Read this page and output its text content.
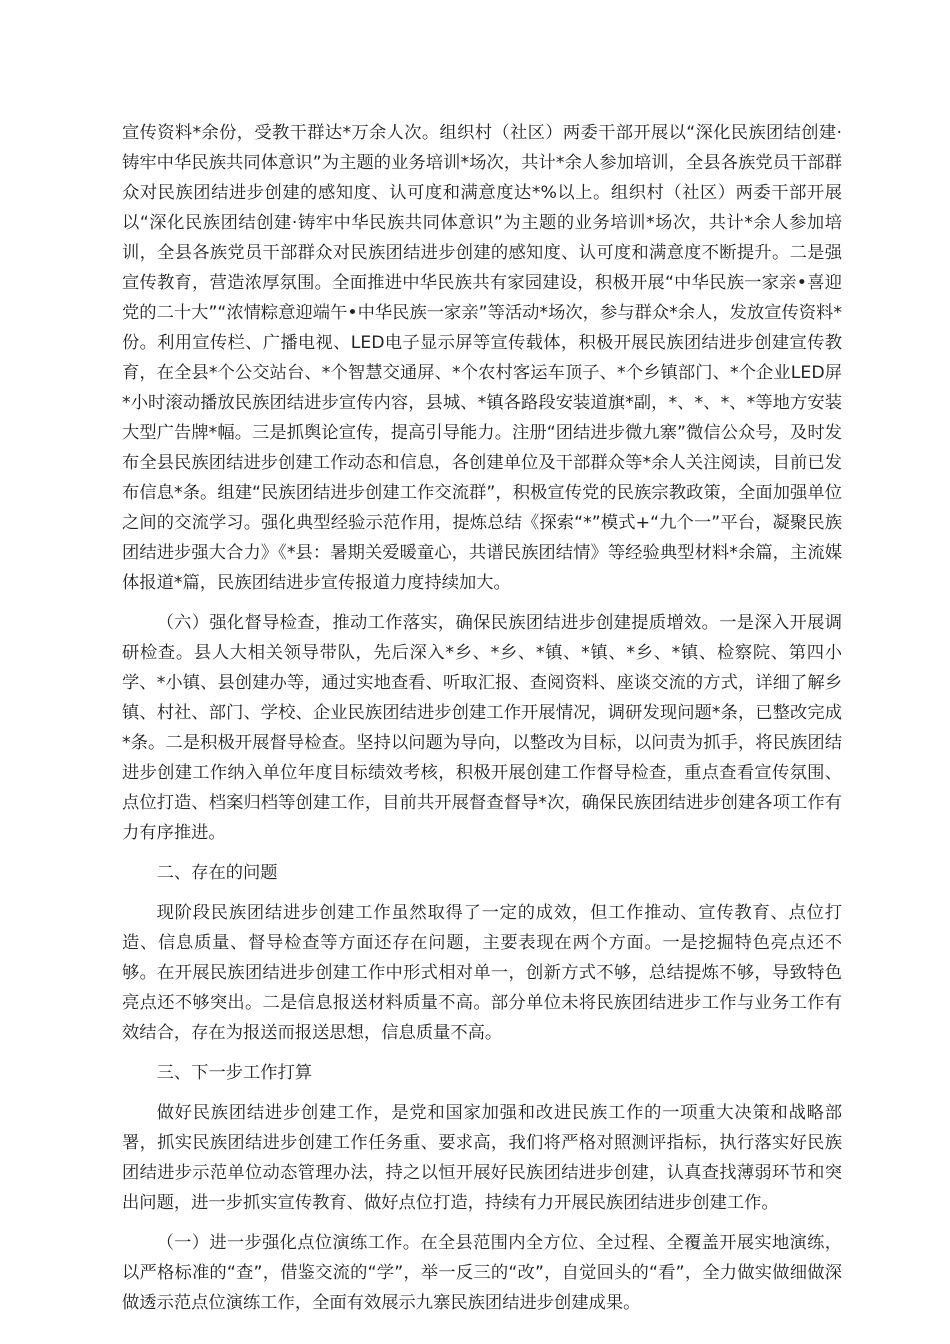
宣传资料*余份，受教干群达*万余人次。组织村（社区）两委干部开展以“深化民族团结创建·铸牢中华民族共同体意识”为主题的业务培训*场次，共计*余人参加培训，全县各族党员干部群众对民族团结进步创建的感知度、认可度和满意度达*%以上。组织村（社区）两委干部开展以“深化民族团结创建·铸牢中华民族共同体意识”为主题的业务培训*场次，共计*余人参加培训，全县各族党员干部群众对民族团结进步创建的感知度、认可度和满意度不断提升。二是强宣传教育，营造浓厚氛围。全面推进中华民族共有家园建设，积极开展“中华民族一家亲•喜迎党的二十大”“浓情粽意迎端午•中华民族一家亲”等活动*场次，参与群众*余人，发放宣传资料*份。利用宣传栏、广播电视、LED电子显示屏等宣传载体，积极开展民族团结进步创建宣传教育，在全县*个公交站台、*个智慧交通屏、*个农村客运车顶子、*个乡镇部门、*个企业LED屏*小时滚动播放民族团结进步宣传内容，县城、*镇各路段安装道旗*副，*、*、*、*等地方安装大型广告牌*幅。三是抓舆论宣传，提高引导能力。注册“团结进步微九寨”微信公众号，及时发布全县民族团结进步创建工作动态和信息，各创建单位及干部群众等*余人关注阅读，目前已发布信息*条。组建“民族团结进步创建工作交流群”，积极宣传党的民族宗教政策，全面加强单位之间的交流学习。强化典型经验示范作用，提炼总结《探索“*”模式+“九个一”平台，凝聚民族团结进步强大合力》《*县：暑期关爱暖童心，共谱民族团结情》等经验典型材料*余篇，主流媒体报道*篇，民族团结进步宣传报道力度持续加大。

（六）强化督导检查，推动工作落实，确保民族团结进步创建提质增效。一是深入开展调研检查。县人大相关领导带队，先后深入*乡、*乡、*镇、*镇、*乡、*镇、检察院、第四小学、*小镇、县创建办等，通过实地查看、听取汇报、查阅资料、座谈交流的方式，详细了解乡镇、村社、部门、学校、企业民族团结进步创建工作开展情况，调研发现问题*条，已整改完成*条。二是积极开展督导检查。坚持以问题为导向，以整改为目标，以问责为抓手，将民族团结进步创建工作纳入单位年度目标绩效考核，积极开展创建工作督导检查，重点查看宣传氛围、点位打造、档案归档等创建工作，目前共开展督查督导*次，确保民族团结进步创建各项工作有力有序推进。

二、存在的问题

现阶段民族团结进步创建工作虽然取得了一定的成效，但工作推动、宣传教育、点位打造、信息质量、督导检查等方面还存在问题，主要表现在两个方面。一是挖掘特色亮点还不够。在开展民族团结进步创建工作中形式相对单一，创新方式不够，总结提炼不够，导致特色亮点还不够突出。二是信息报送材料质量不高。部分单位未将民族团结进步工作与业务工作有效结合，存在为报送而报送思想，信息质量不高。

三、下一步工作打算

做好民族团结进步创建工作，是党和国家加强和改进民族工作的一项重大决策和战略部署，抓实民族团结进步创建工作任务重、要求高，我们将严格对照测评指标，执行落实好民族团结进步示范单位动态管理办法，持之以恒开展好民族团结进步创建，认真查找薄弱环节和突出问题，进一步抓实宣传教育、做好点位打造，持续有力开展民族团结进步创建工作。

（一）进一步强化点位演练工作。在全县范围内全方位、全过程、全覆盖开展实地演练，以严格标准的“查”，借鉴交流的“学”，举一反三的“改”，自觉回头的“看”，全力做实做细做深做透示范点位演练工作，全面有效展示九寨民族团结进步创建成果。
